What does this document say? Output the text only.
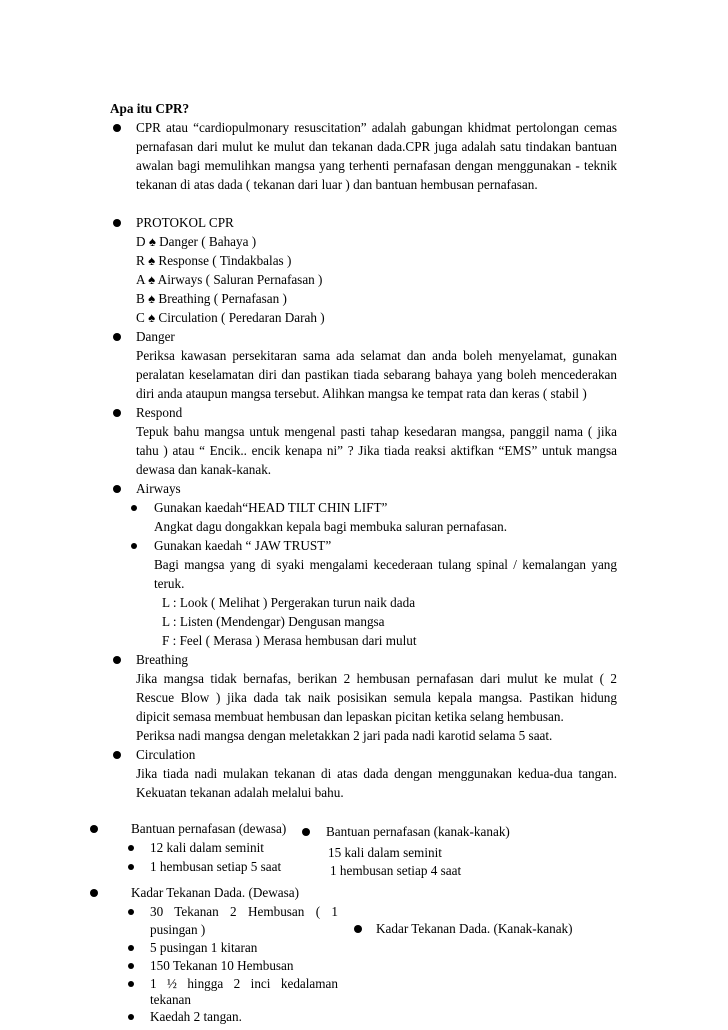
Apa itu CPR?
CPR atau “cardiopulmonary resuscitation” adalah gabungan khidmat pertolongan cemas
pernafasan dari mulut ke mulut dan tekanan dada.CPR juga adalah satu tindakan bantuan
awalan bagi memulihkan mangsa yang terhenti pernafasan dengan menggunakan - teknik
tekanan di atas dada ( tekanan dari luar ) dan bantuan hembusan pernafasan.
PROTOKOL CPR
D ♠ Danger ( Bahaya )
R ♠ Response ( Tindakbalas )
A ♠ Airways ( Saluran Pernafasan )
B ♠ Breathing ( Pernafasan )
C ♠ Circulation ( Peredaran Darah )
Danger
Periksa kawasan persekitaran sama ada selamat dan anda boleh menyelamat, gunakan
peralatan keselamatan diri dan pastikan tiada sebarang bahaya yang boleh mencederakan
diri anda ataupun mangsa tersebut. Alihkan mangsa ke tempat rata dan keras ( stabil )
Respond
Tepuk bahu mangsa untuk mengenal pasti tahap kesedaran mangsa, panggil nama ( jika
tahu ) atau “ Encik.. encik kenapa ni” ? Jika tiada reaksi aktifkan “EMS” untuk mangsa
dewasa dan kanak-kanak.
Airways
Gunakan kaedah“HEAD TILT CHIN LIFT”
Angkat dagu dongakkan kepala bagi membuka saluran pernafasan.
Gunakan kaedah “ JAW TRUST”
Bagi mangsa yang di syaki mengalami kecederaan tulang spinal / kemalangan yang
teruk.
L : Look ( Melihat ) Pergerakan turun naik dada
L : Listen (Mendengar) Dengusan mangsa
F : Feel ( Merasa ) Merasa hembusan dari mulut
Breathing
Jika mangsa tidak bernafas, berikan 2 hembusan pernafasan dari mulut ke mulat ( 2
Rescue Blow ) jika dada tak naik posisikan semula kepala mangsa. Pastikan hidung
dipicit semasa membuat hembusan dan lepaskan picitan ketika selang hembusan.
Periksa nadi mangsa dengan meletakkan 2 jari pada nadi karotid selama 5 saat.
Circulation
Jika tiada nadi mulakan tekanan di atas dada dengan menggunakan kedua-dua tangan.
Kekuatan tekanan adalah melalui bahu.
Bantuan pernafasan (dewasa)
12 kali dalam seminit
1 hembusan setiap 5 saat
Bantuan pernafasan (kanak-kanak)
15 kali dalam seminit
1 hembusan setiap 4 saat
Kadar Tekanan Dada. (Dewasa)
30 Tekanan 2 Hembusan ( 1
pusingan )
5 pusingan 1 kitaran
150 Tekanan 10 Hembusan
1 ½ hingga 2 inci kedalaman
tekanan
Kaedah 2 tangan.
Kadar Tekanan Dada. (Kanak-kanak)
